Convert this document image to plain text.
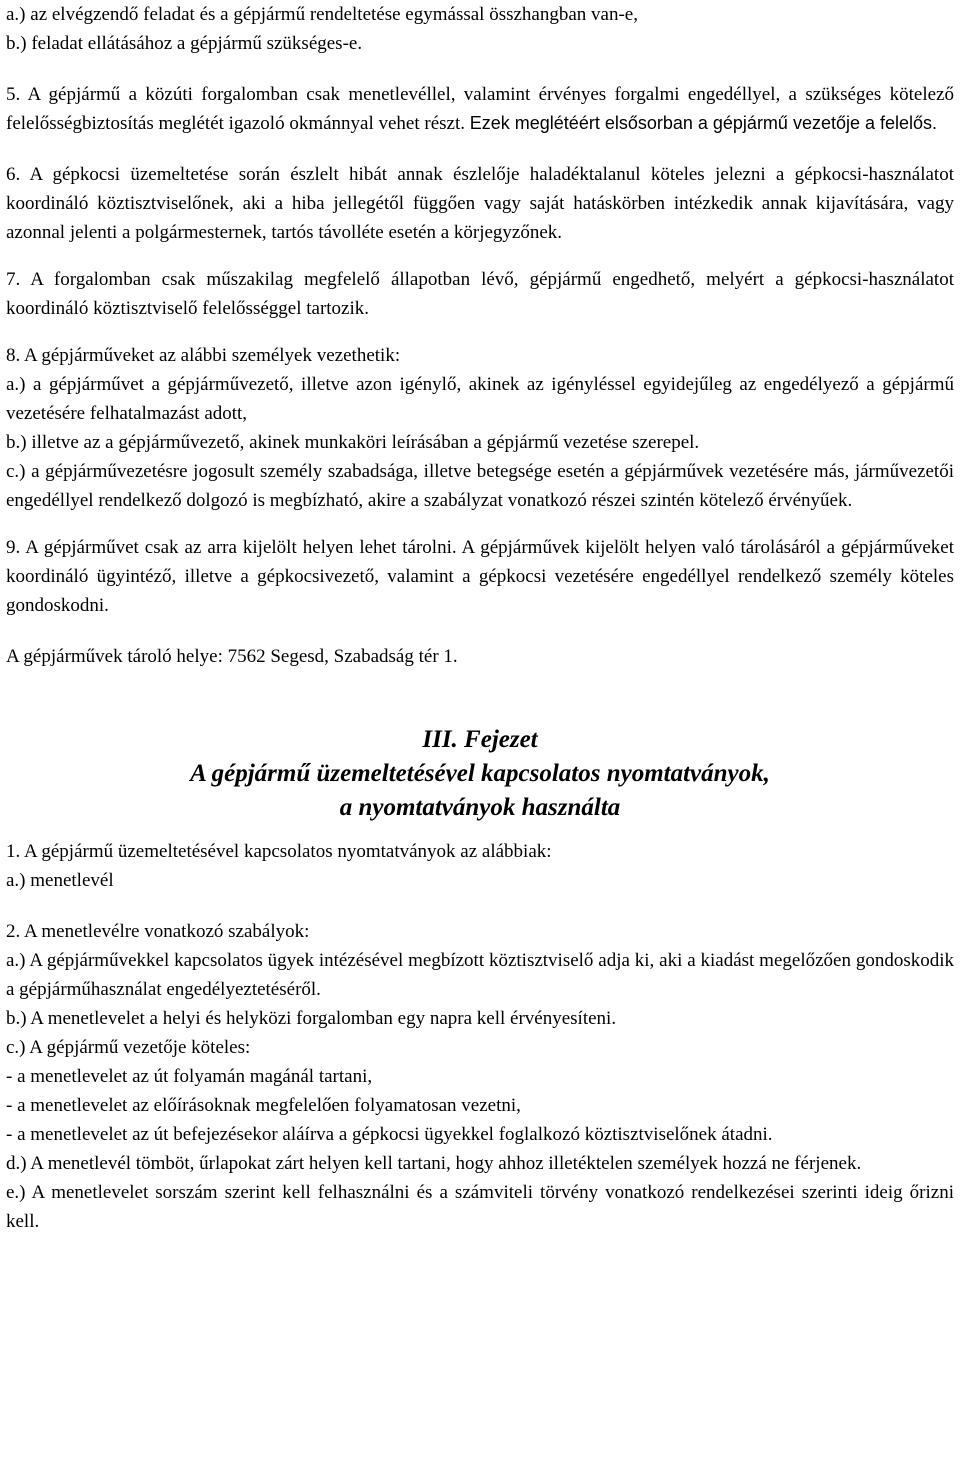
a.) az elvégzendő feladat és a gépjármű rendeltetése egymással összhangban van-e,

b.) feladat ellátásához a gépjármű szükséges-e.

5. A gépjármű a közúti forgalomban csak menetlevéllel, valamint érvényes forgalmi engedéllyel, a szükséges kötelező felelősségbiztosítás meglétét igazoló okmánnyal vehet részt. Ezek meglétéért elsősorban a gépjármű vezetője a felelős.

6. A gépkocsi üzemeltetése során észlelt hibát annak észlelője haladéktalanul köteles jelezni a gépkocsi-használatot koordináló köztisztviselőnek, aki a hiba jellegétől függően vagy saját hatáskörben intézkedik annak kijavítására, vagy azonnal jelenti a polgármesternek, tartós távolléte esetén a körjegyzőnek.

7. A forgalomban csak műszakilag megfelelő állapotban lévő, gépjármű engedhető, melyért a gépkocsi-használatot koordináló köztisztviselő felelősséggel tartozik.

8. A gépjárműveket az alábbi személyek vezethetik:

a.) a gépjárművet a gépjárművezető, illetve azon igénylő, akinek az igényléssel egyidejűleg az engedélyező a gépjármű vezetésére felhatalmazást adott,

b.) illetve az a gépjárművezető, akinek munkaköri leírásában a gépjármű vezetése szerepel.

c.) a gépjárművezetésre jogosult személy szabadsága, illetve betegsége esetén a gépjárművek vezetésére más, járművezetői engedéllyel rendelkező dolgozó is megbízható, akire a szabályzat vonatkozó részei szintén kötelező érvényűek.

9. A gépjárművet csak az arra kijelölt helyen lehet tárolni. A gépjárművek kijelölt helyen való tárolásáról a gépjárműveket koordináló ügyintéző, illetve a gépkocsivezető, valamint a gépkocsi vezetésére engedéllyel rendelkező személy köteles gondoskodni.

A gépjárművek tároló helye: 7562 Segesd, Szabadság tér 1.

III. Fejezet

A gépjármű üzemeltetésével kapcsolatos nyomtatványok,

a nyomtatványok használta

1. A gépjármű üzemeltetésével kapcsolatos nyomtatványok az alábbiak:

a.) menetlevél

2. A menetlevélre vonatkozó szabályok:

a.) A gépjárművekkel kapcsolatos ügyek intézésével megbízott köztisztviselő adja ki, aki a kiadást megelőzően gondoskodik a gépjárműhasználat engedélyeztetéséről.

b.) A menetlevelet a helyi és helyközi forgalomban egy napra kell érvényesíteni.

c.) A gépjármű vezetője köteles:

- a menetlevelet az út folyamán magánál tartani,

- a menetlevelet az előírásoknak megfelelően folyamatosan vezetni,

- a menetlevelet az út befejezésekor aláírva a gépkocsi ügyekkel foglalkozó köztisztviselőnek átadni.

d.) A menetlevél tömböt, űrlapokat zárt helyen kell tartani, hogy ahhoz illetéktelen személyek hozzá ne férjenek.

e.) A menetlevelet sorszám szerint kell felhasználni és a számviteli törvény vonatkozó rendelkezései szerinti ideig őrizni kell.
